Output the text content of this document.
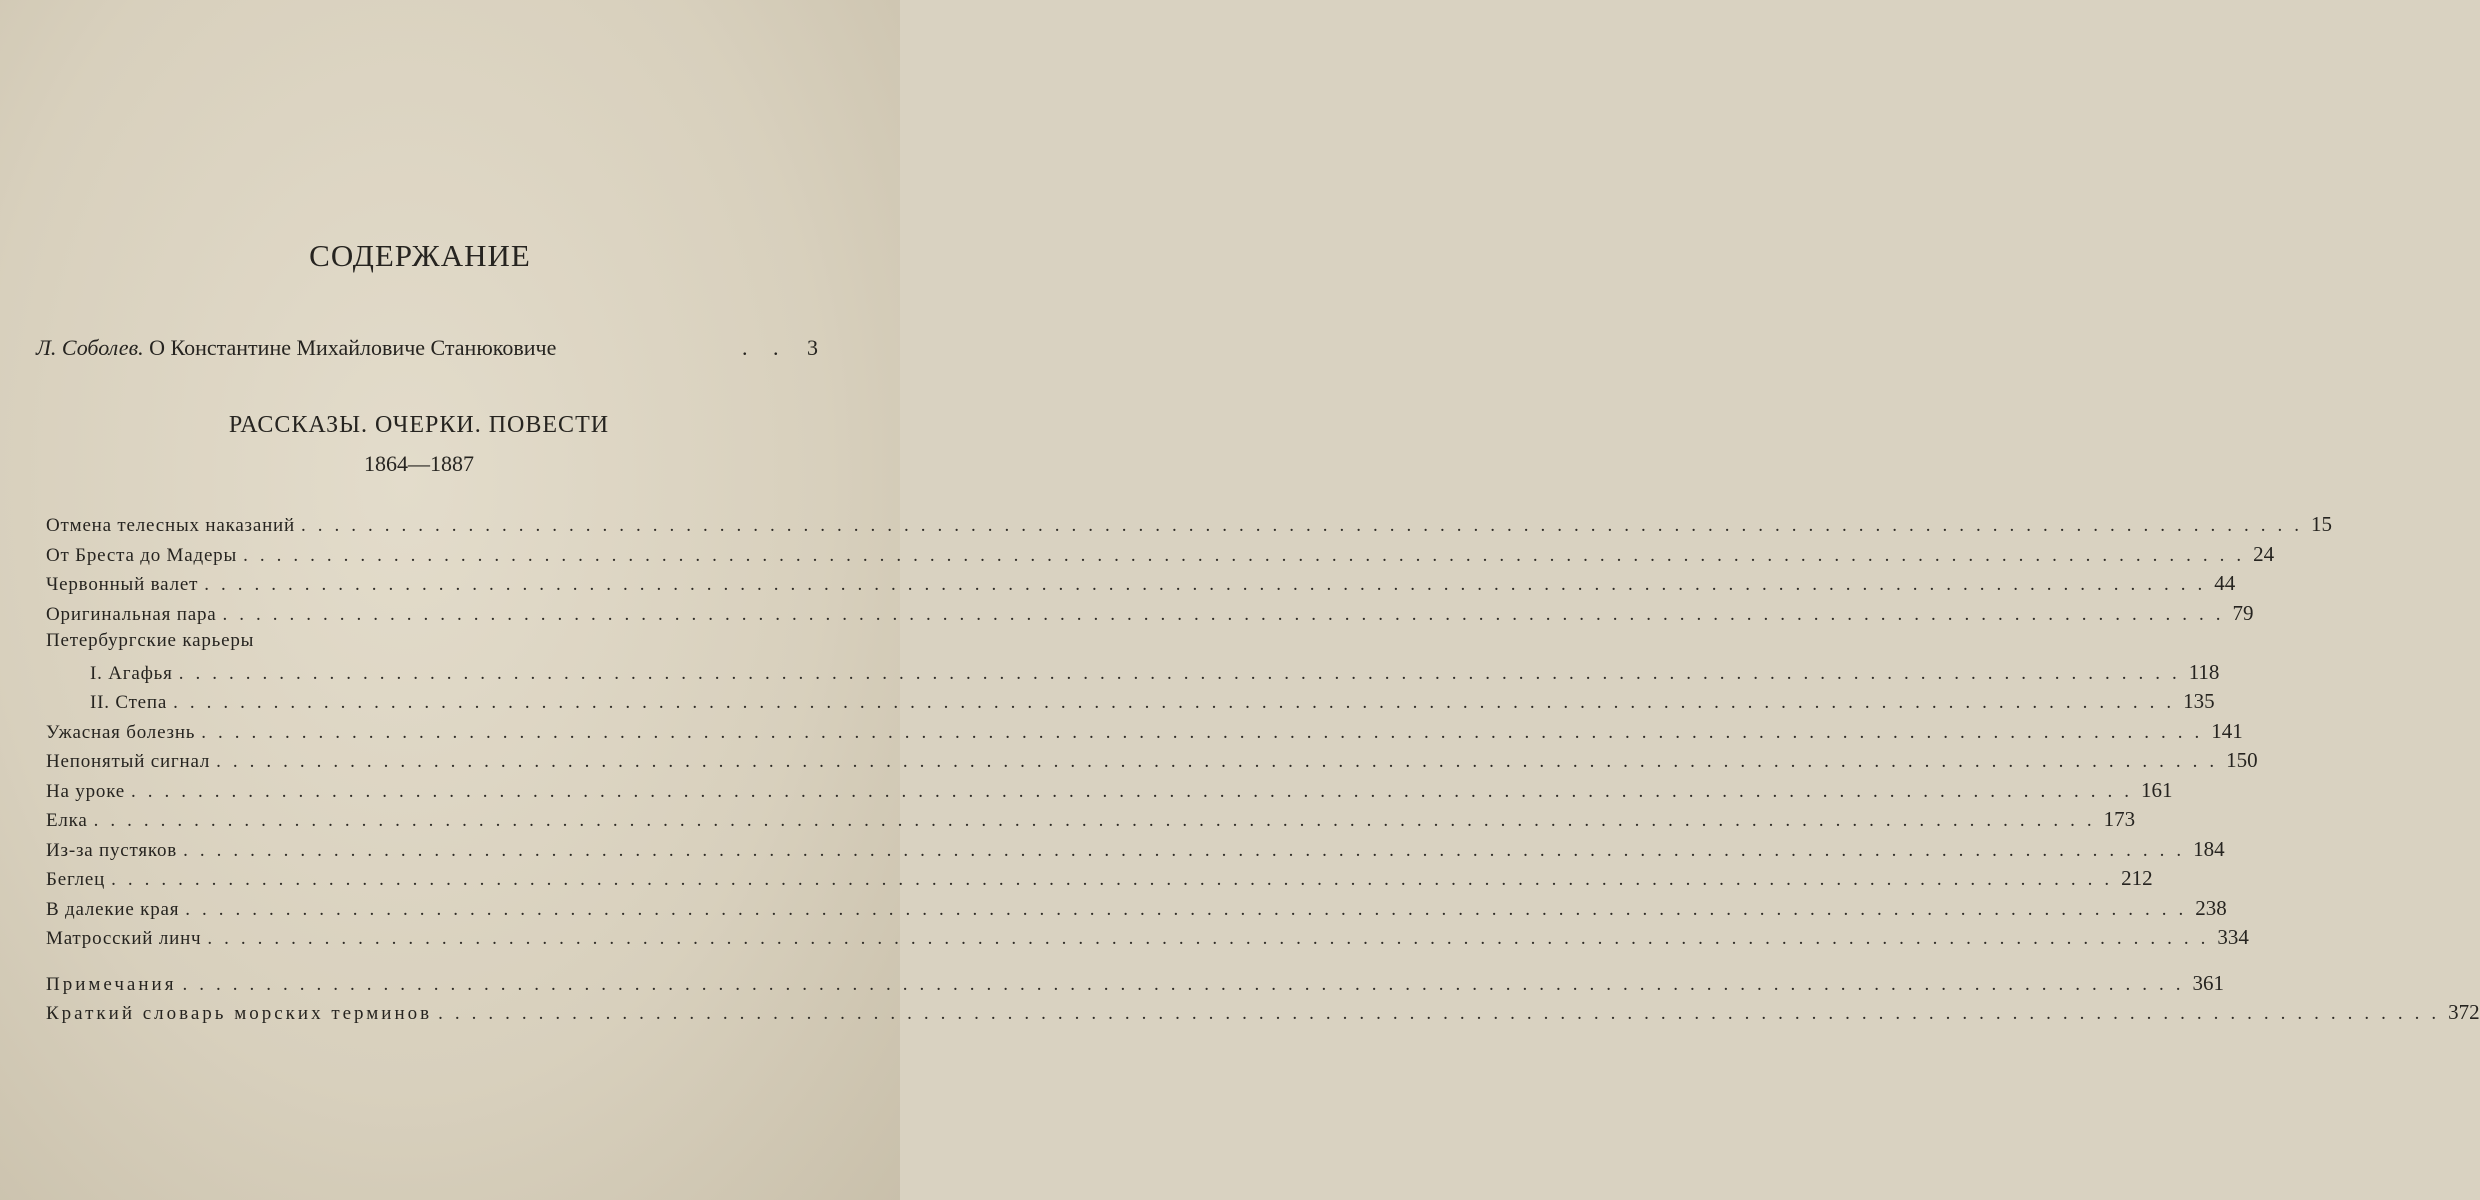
СОДЕРЖАНИЕ
Л. Соболев. О Константине Михайловиче Станюковиче	. . 3
РАССКАЗЫ. ОЧЕРКИ. ПОВЕСТИ
1864—1887
Отмена телесных наказаний ........................................................................................................................ 15
От Бреста до Мадеры ........................................................................................................................ 24
Червонный валет ........................................................................................................................ 44
Оригинальная пара ........................................................................................................................ 79
Петербургские карьеры
I. Агафья ........................................................................................................................ 118
II. Степа ........................................................................................................................ 135
Ужасная болезнь ........................................................................................................................ 141
Непонятый сигнал ........................................................................................................................ 150
На уроке ........................................................................................................................ 161
Елка ........................................................................................................................ 173
Из-за пустяков ........................................................................................................................ 184
Беглец ........................................................................................................................ 212
В далекие края ........................................................................................................................ 238
Матросский линч ........................................................................................................................ 334
Примечания ........................................................................................................................ 361
Краткий словарь морских терминов ........................................................................................................................ 372
